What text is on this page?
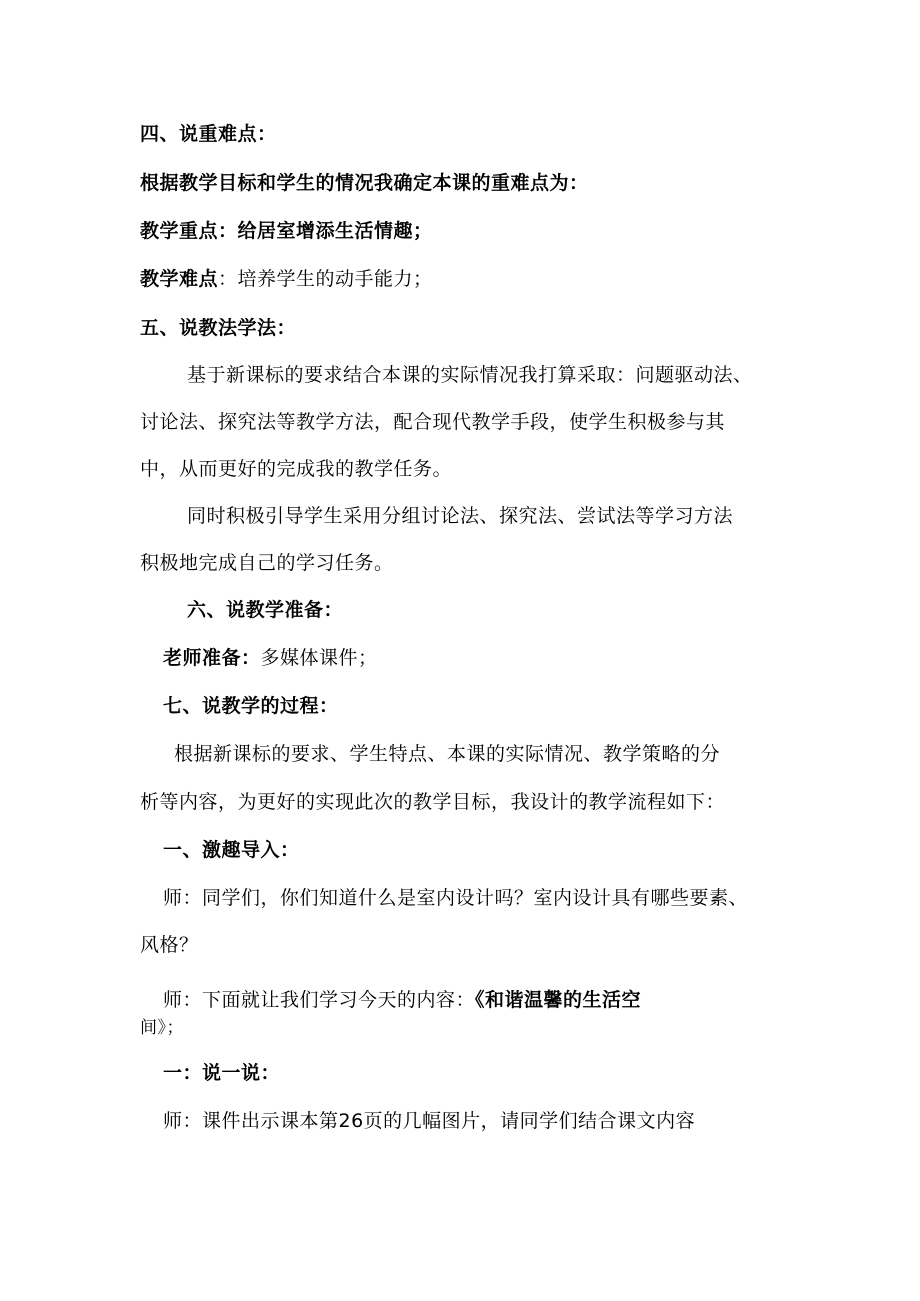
四、说重难点：
根据教学目标和学生的情况我确定本课的重难点为：
教学重点：给居室增添生活情趣；
教学难点：培养学生的动手能力；
五、说教法学法：
基于新课标的要求结合本课的实际情况我打算采取：问题驱动法、
讨论法、探究法等教学方法，配合现代教学手段，使学生积极参与其
中，从而更好的完成我的教学任务。
同时积极引导学生采用分组讨论法、探究法、尝试法等学习方法
积极地完成自己的学习任务。
六、说教学准备：
老师准备：多媒体课件；
七、说教学的过程：
根据新课标的要求、学生特点、本课的实际情况、教学策略的分
析等内容，为更好的实现此次的教学目标，我设计的教学流程如下：
一、激趣导入：
师：同学们，你们知道什么是室内设计吗？室内设计具有哪些要素、
风格？
师：下面就让我们学习今天的内容：《和谐温馨的生活空
间》；
一：说一说：
师：课件出示课本第26页的几幅图片，请同学们结合课文内容
